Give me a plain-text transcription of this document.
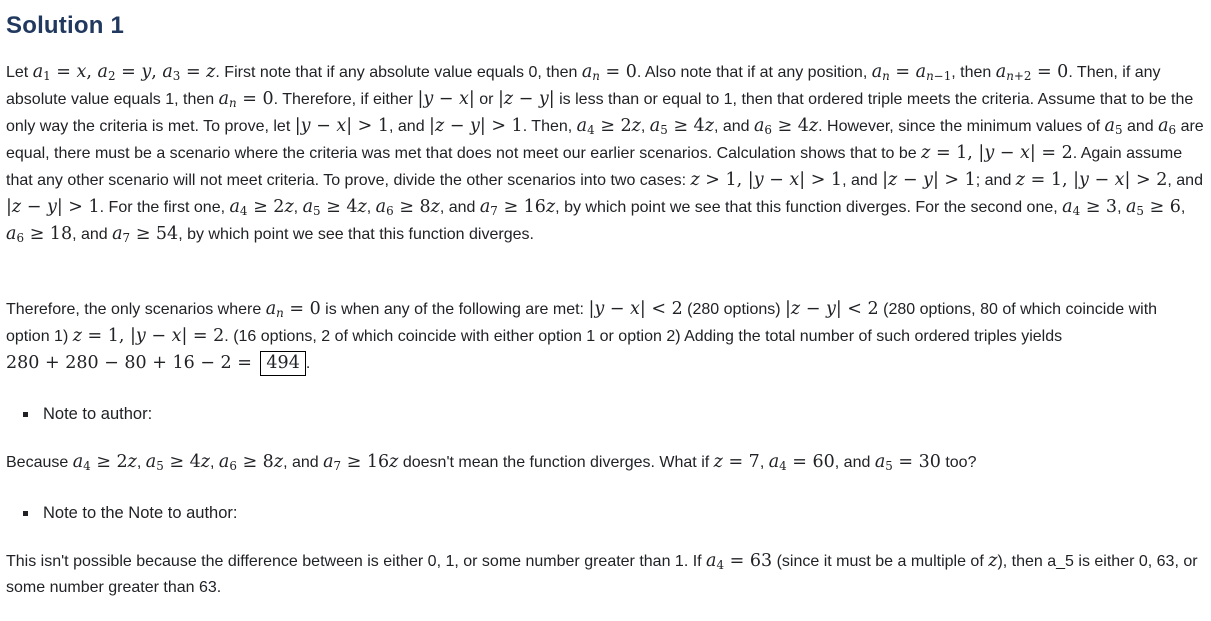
Solution 1

Let $a_1 = x$, $a_2 = y$, $a_3 = z$. First note that if any absolute value equals 0, then $a_n = 0$. Also note that if at any position, $a_n = a_{n-1}$, then $a_{n+2} = 0$. Then, if any absolute value equals 1, then $a_n = 0$. Therefore, if either |y − x| or |z − y| is less than or equal to 1, then that ordered triple meets the criteria. Assume that to be the only way the criteria is met. To prove, let |y − x| > 1, and |z − y| > 1. Then, $a_4 \ge 2z$, $a_5 \ge 4z$, and $a_6 \ge 4z$. However, since the minimum values of $a_5$ and $a_6$ are equal, there must be a scenario where the criteria was met that does not meet our earlier scenarios. Calculation shows that to be z = 1, |y − x| = 2. Again assume that any other scenario will not meet criteria. To prove, divide the other scenarios into two cases: z > 1, |y − x| > 1, and |z − y| > 1; and z = 1, |y − x| > 2, and |z − y| > 1. For the first one, $a_4 \ge 2z$, $a_5 \ge 4z$, $a_6 \ge 8z$, and $a_7 \ge 16z$, by which point we see that this function diverges. For the second one, $a_4 \ge 3$, $a_5 \ge 6$, $a_6 \ge 18$, and $a_7 \ge 54$, by which point we see that this function diverges.

Therefore, the only scenarios where $a_n = 0$ is when any of the following are met: |y − x| < 2 (280 options) |z − y| < 2 (280 options, 80 of which coincide with option 1) z = 1, |y − x| = 2. (16 options, 2 of which coincide with either option 1 or option 2) Adding the total number of such ordered triples yields 280 + 280 − 80 + 16 − 2 = 494 .

▪ Note to author:

Because $a_4 \ge 2z$, $a_5 \ge 4z$, $a_6 \ge 8z$, and $a_7 \ge 16z$ doesn't mean the function diverges. What if z = 7, $a_4 = 60$, and $a_5 = 30$ too?

▪ Note to the Note to author:

This isn't possible because the difference between is either 0, 1, or some number greater than 1. If $a_4 = 63$ (since it must be a multiple of z), then a_5 is either 0, 63, or some number greater than 63.
